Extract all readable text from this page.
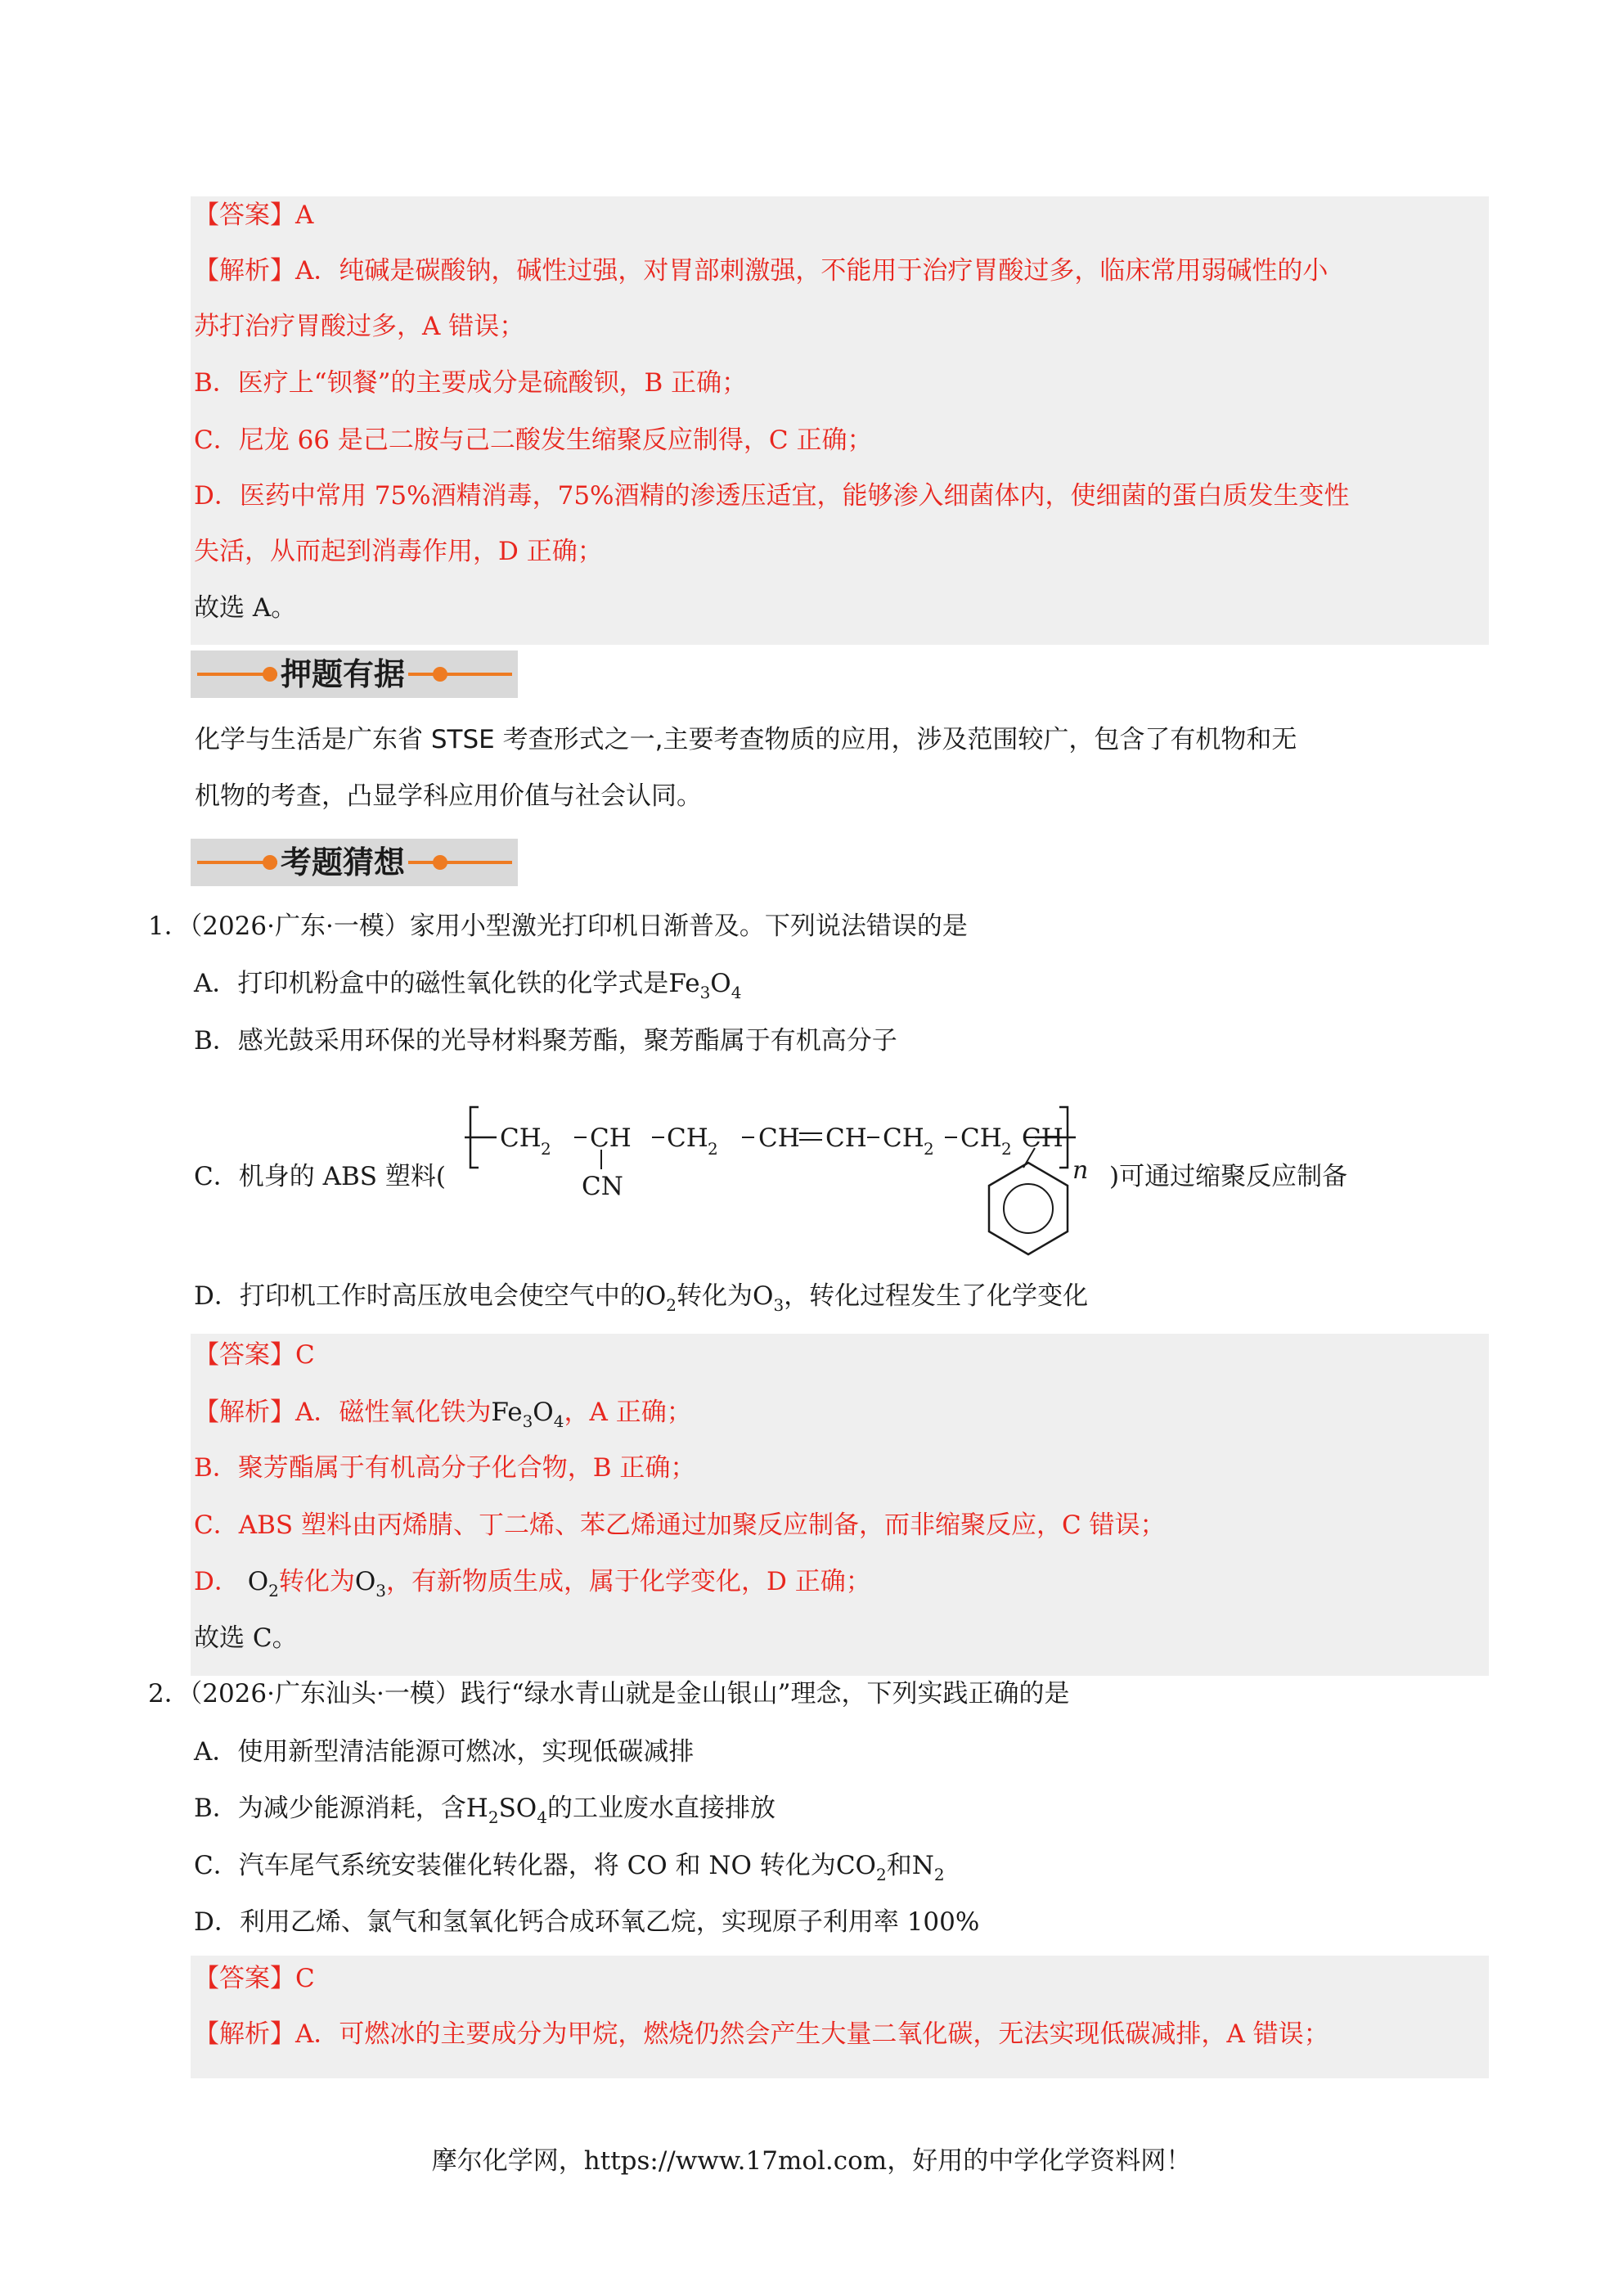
【答案】A
【解析】A．纯碱是碳酸钠，碱性过强，对胃部刺激强，不能用于治疗胃酸过多，临床常用弱碱性的小
苏打治疗胃酸过多，A 错误；
B．医疗上“钡餐”的主要成分是硫酸钡，B 正确；
C．尼龙 66 是己二胺与己二酸发生缩聚反应制得，C 正确；
D．医药中常用 75%酒精消毒，75%酒精的渗透压适宜，能够渗入细菌体内，使细菌的蛋白质发生变性
失活，从而起到消毒作用，D 正确；
故选 A。
押题有据
化学与生活是广东省 STSE 考查形式之一,主要考查物质的应用，涉及范围较广，包含了有机物和无
机物的考查，凸显学科应用价值与社会认同。
考题猜想
1．（2026·广东·一模）家用小型激光打印机日渐普及。下列说法错误的是
A．打印机粉盒中的磁性氧化铁的化学式是$Fe_3O_4$
B．感光鼓采用环保的光导材料聚芳酯，聚芳酯属于有机高分子
C．机身的 ABS 塑料(	)可通过缩聚反应制备
CH 2 CH CH 2 CH CH CH 2 CH 2 CH
CN
n
D．打印机工作时高压放电会使空气中的$O_2$转化为$O_3$，转化过程发生了化学变化
【答案】C
【解析】A．磁性氧化铁为$Fe_3O_4$，A 正确；
B．聚芳酯属于有机高分子化合物，B 正确；
C．ABS 塑料由丙烯腈、丁二烯、苯乙烯通过加聚反应制备，而非缩聚反应，C 错误；
D． $O_2$转化为$O_3$，有新物质生成，属于化学变化，D 正确；
故选 C。
2．（2026·广东汕头·一模）践行“绿水青山就是金山银山”理念，下列实践正确的是
A．使用新型清洁能源可燃冰，实现低碳减排
B．为减少能源消耗，含$H_2SO_4$的工业废水直接排放
C．汽车尾气系统安装催化转化器，将 CO 和 NO 转化为$CO_2$和$N_2$
D．利用乙烯、氯气和氢氧化钙合成环氧乙烷，实现原子利用率 100%
【答案】C
【解析】A．可燃冰的主要成分为甲烷，燃烧仍然会产生大量二氧化碳，无法实现低碳减排，A 错误；
摩尔化学网，https://www.17mol.com，好用的中学化学资料网！
